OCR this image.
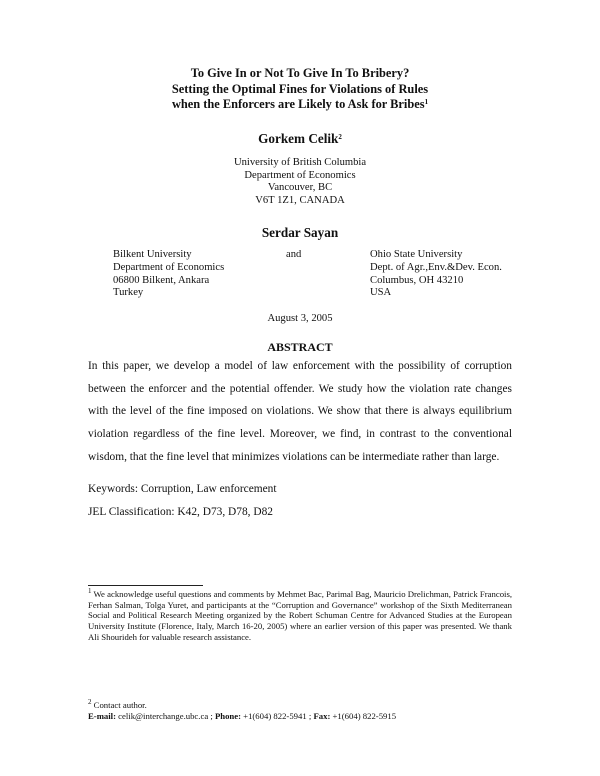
To Give In or Not To Give In To Bribery?
Setting the Optimal Fines for Violations of Rules
when the Enforcers are Likely to Ask for Bribes$^1$
Gorkem Celik$^2$
University of British Columbia
Department of Economics
Vancouver, BC
V6T 1Z1, CANADA
Serdar Sayan
Bilkent University
Department of Economics
06800 Bilkent, Ankara
Turkey
and	Ohio State University
Dept. of Agr.,Env.&Dev. Econ.
Columbus, OH 43210
USA
August 3, 2005
ABSTRACT
In this paper, we develop a model of law enforcement with the possibility of corruption between the enforcer and the potential offender. We study how the violation rate changes with the level of the fine imposed on violations. We show that there is always equilibrium violation regardless of the fine level. Moreover, we find, in contrast to the conventional wisdom, that the fine level that minimizes violations can be intermediate rather than large.
Keywords: Corruption, Law enforcement
JEL Classification: K42, D73, D78, D82
$^1$ We acknowledge useful questions and comments by Mehmet Bac, Parimal Bag, Mauricio Drelichman, Patrick Francois, Ferhan Salman, Tolga Yuret, and participants at the “Corruption and Governance” workshop of the Sixth Mediterranean Social and Political Research Meeting organized by the Robert Schuman Centre for Advanced Studies at the European University Institute (Florence, Italy, March 16-20, 2005) where an earlier version of this paper was presented. We thank Ali Shourideh for valuable research assistance.
$^2$ Contact author.
E-mail: celik@interchange.ubc.ca ; Phone: +1(604) 822-5941 ; Fax: +1(604) 822-5915
